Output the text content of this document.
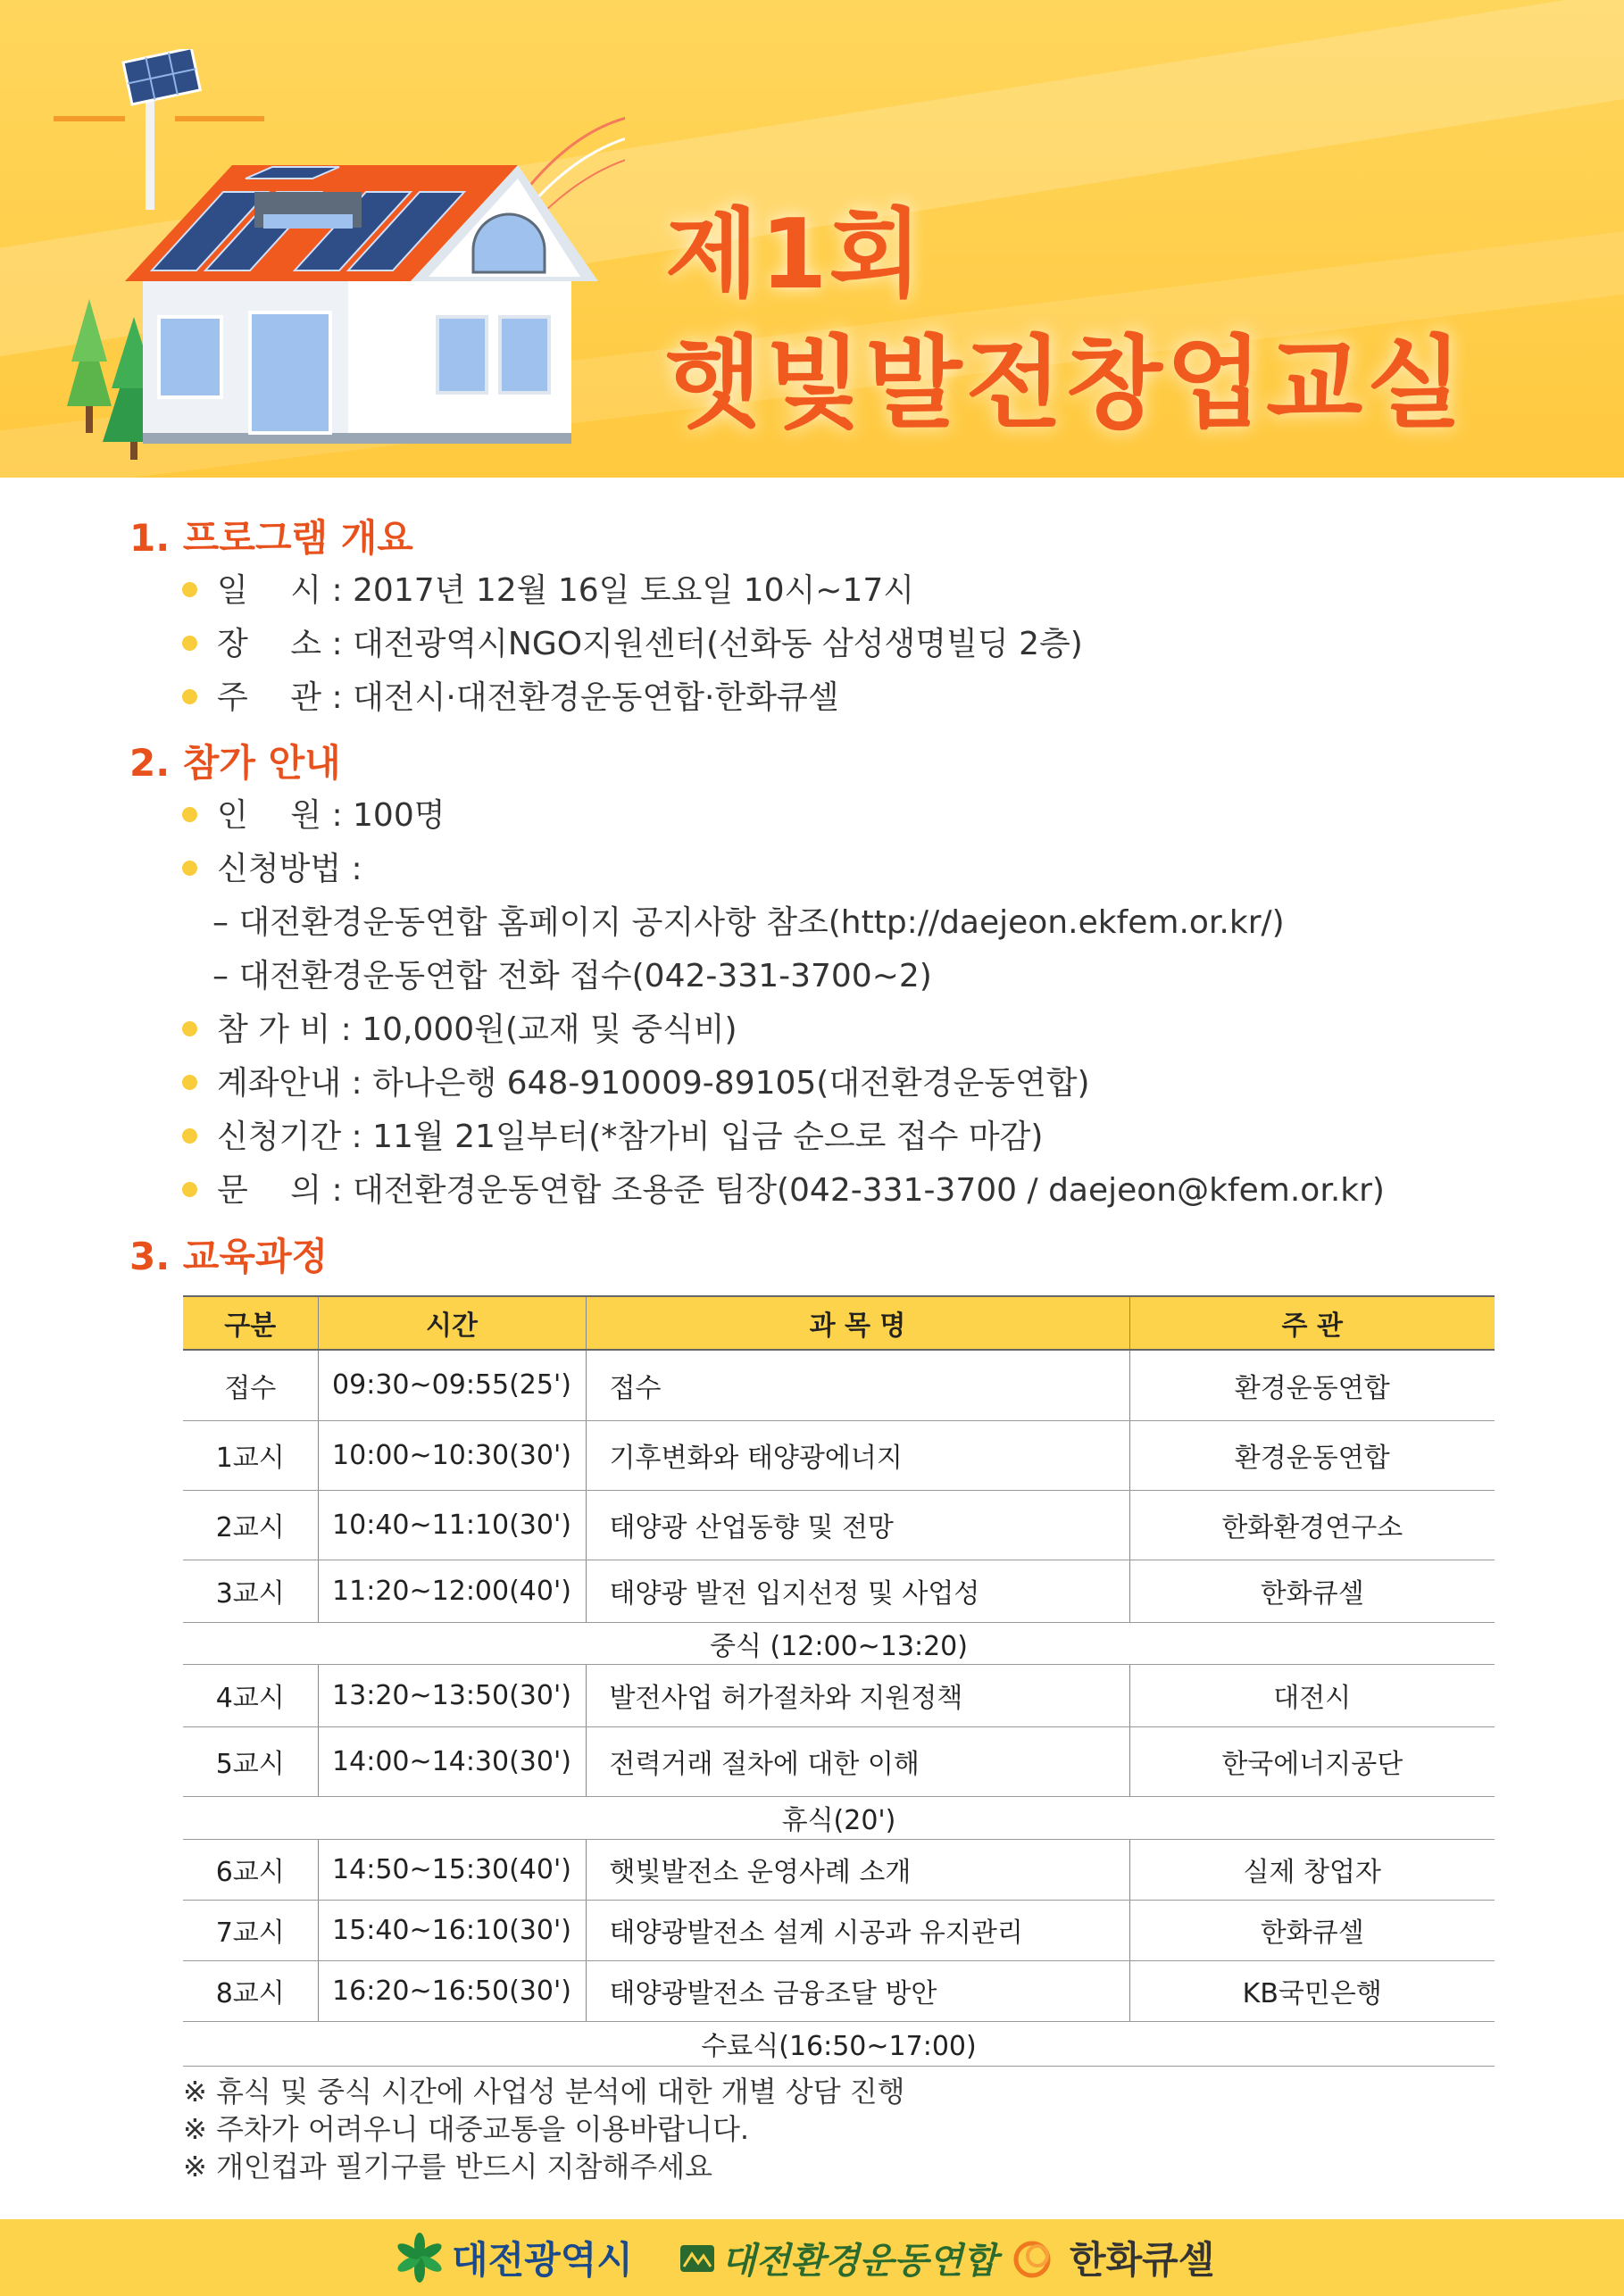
제1회
햇빛발전창업교실
1. 프로그램 개요
일　 시 : 2017년 12월 16일 토요일 10시~17시
장　 소 : 대전광역시NGO지원센터(선화동 삼성생명빌딩 2층)
주　 관 : 대전시·대전환경운동연합·한화큐셀
2. 참가 안내
인　 원 : 100명
신청방법 :
– 대전환경운동연합 홈페이지 공지사항 참조(http://daejeon.ekfem.or.kr/)
– 대전환경운동연합 전화 접수(042-331-3700~2)
참 가 비 : 10,000원(교재 및 중식비)
계좌안내 : 하나은행 648-910009-89105(대전환경운동연합)
신청기간 : 11월 21일부터(*참가비 입금 순으로 접수 마감)
문　 의 : 대전환경운동연합 조용준 팀장(042-331-3700 / daejeon@kfem.or.kr)
3. 교육과정
구분	시간	과 목 명	주 관
접수	09:30~09:55(25')	접수	환경운동연합
1교시	10:00~10:30(30')	기후변화와 태양광에너지	환경운동연합
2교시	10:40~11:10(30')	태양광 산업동향 및 전망	한화환경연구소
3교시	11:20~12:00(40')	태양광 발전 입지선정 및 사업성	한화큐셀
중식 (12:00~13:20)			
4교시	13:20~13:50(30')	발전사업 허가절차와 지원정책	대전시
5교시	14:00~14:30(30')	전력거래 절차에 대한 이해	한국에너지공단
휴식(20')			
6교시	14:50~15:30(40')	햇빛발전소 운영사례 소개	실제 창업자
7교시	15:40~16:10(30')	태양광발전소 설계 시공과 유지관리	한화큐셀
8교시	16:20~16:50(30')	태양광발전소 금융조달 방안	KB국민은행
수료식(16:50~17:00)			
※ 휴식 및 중식 시간에 사업성 분석에 대한 개별 상담 진행
※ 주차가 어려우니 대중교통을 이용바랍니다.
※ 개인컵과 필기구를 반드시 지참해주세요
대전광역시 대전환경운동연합 한화큐셀
